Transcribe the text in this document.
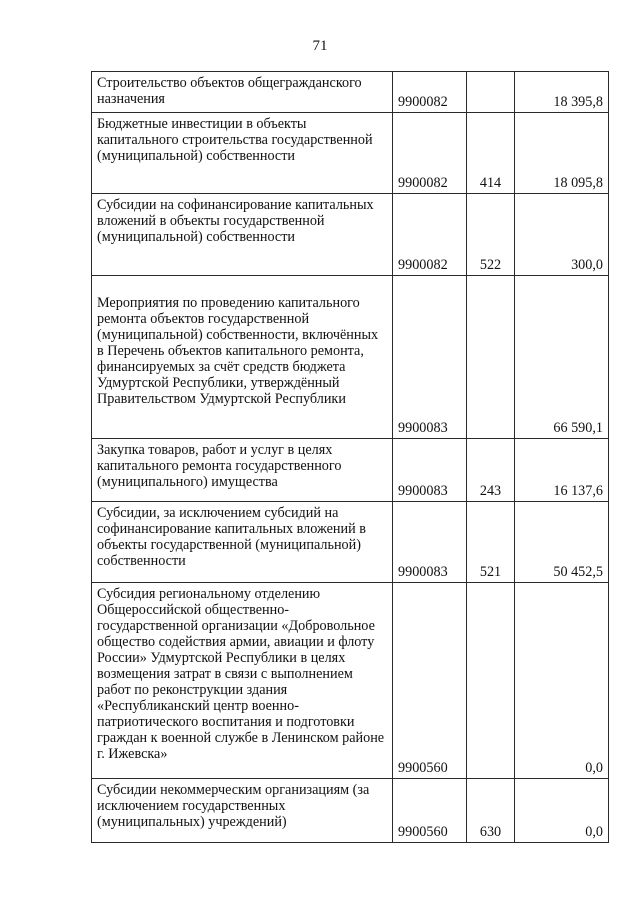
71
Строительство объектов общегражданского назначения	9900082		18 395,8

Бюджетные инвестиции в объекты капитального строительства государственной (муниципальной) собственности	9900082	414	18 095,8

Субсидии на софинансирование капитальных вложений в объекты государственной (муниципальной) собственности	9900082	522	300,0

Мероприятия по проведению капитального ремонта объектов государственной (муниципальной) собственности, включённых в Перечень объектов капитального ремонта, финансируемых за счёт средств бюджета Удмуртской Республики, утверждённый Правительством Удмуртской Республики	9900083		66 590,1

Закупка товаров, работ и услуг в целях капитального ремонта государственного (муниципального) имущества	9900083	243	16 137,6

Субсидии, за исключением субсидий на софинансирование капитальных вложений в объекты государственной (муниципальной) собственности	9900083	521	50 452,5

Субсидия региональному отделению Общероссийской общественно-государственной организации «Добровольное общество содействия армии, авиации и флоту России» Удмуртской Республики в целях возмещения затрат в связи с выполнением работ по реконструкции здания «Республиканский центр военно-патриотического воспитания и подготовки граждан к военной службе в Ленинском районе г. Ижевска»	9900560		0,0

Субсидии некоммерческим организациям (за исключением государственных (муниципальных) учреждений)	9900560	630	0,0
